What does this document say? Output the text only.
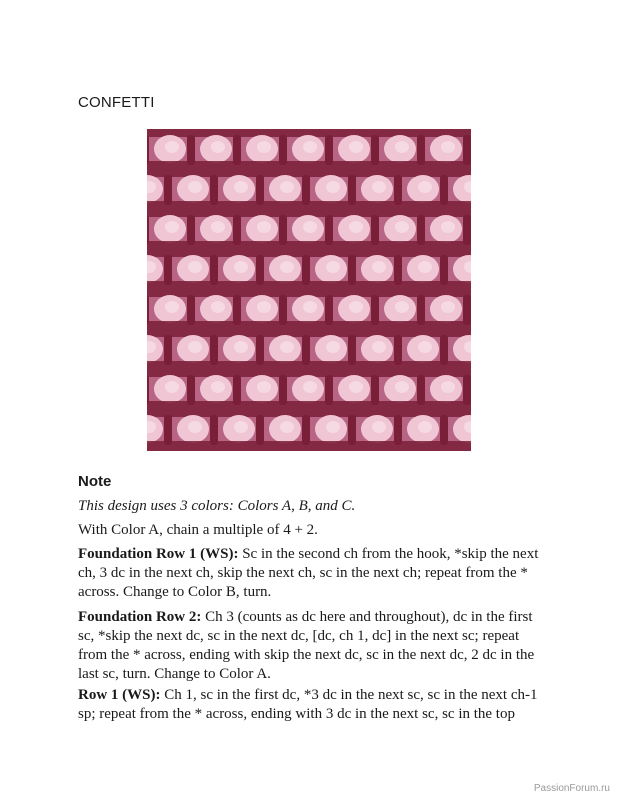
CONFETTI
Note

This design uses 3 colors: Colors A, B, and C.

With Color A, chain a multiple of 4 + 2.

Foundation Row 1 (WS): Sc in the second ch from the hook, *skip the next ch, 3 dc in the next ch, skip the next ch, sc in the next ch; repeat from the * across. Change to Color B, turn.

Foundation Row 2: Ch 3 (counts as dc here and throughout), dc in the first sc, *skip the next dc, sc in the next dc, [dc, ch 1, dc] in the next sc; repeat from the * across, ending with skip the next dc, sc in the next dc, 2 dc in the last sc, turn. Change to Color A.

Row 1 (WS): Ch 1, sc in the first dc, *3 dc in the next sc, sc in the next ch-1 sp; repeat from the * across, ending with 3 dc in the next sc, sc in the top

PassionForum.ru
